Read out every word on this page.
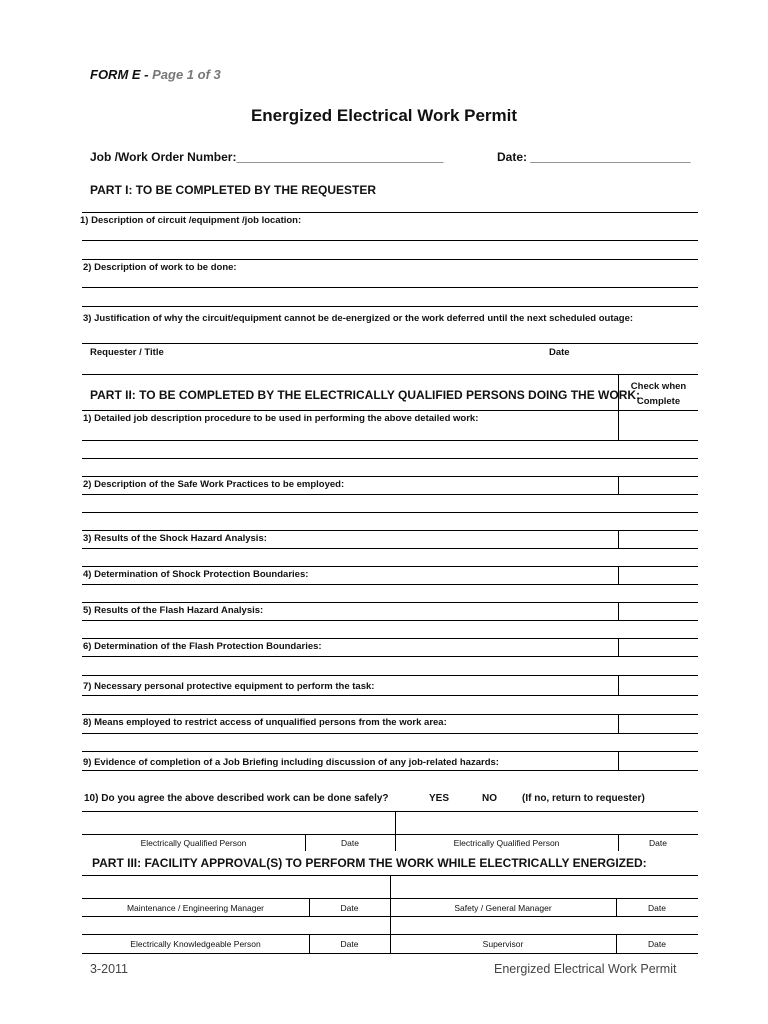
FORM E - Page 1 of 3
Energized Electrical Work Permit
Job /Work Order Number:_______________________________	Date: ________________________
PART I: TO BE COMPLETED BY THE REQUESTER
1) Description of circuit /equipment /job location:
2) Description of work to be done:
3) Justification of why the circuit/equipment cannot be de-energized or the work deferred until the next scheduled outage:
Requester / Title	Date
PART II: TO BE COMPLETED BY THE ELECTRICALLY QUALIFIED PERSONS DOING THE WORK:
Check when
Complete
1) Detailed job description procedure to be used in performing the above detailed work:
2) Description of the Safe Work Practices to be employed:
3) Results of the Shock Hazard Analysis:
4) Determination of Shock Protection Boundaries:
5) Results of the Flash Hazard Analysis:
6) Determination of the Flash Protection Boundaries:
7) Necessary personal protective equipment to perform the task:
8) Means employed to restrict access of unqualified persons from the work area:
9) Evidence of completion of a Job Briefing including discussion of any job-related hazards:
10) Do you agree the above described work can be done safely?	YES	NO	(If no, return to requester)
Electrically Qualified Person	Date	Electrically Qualified Person	Date
PART III: FACILITY APPROVAL(S) TO PERFORM THE WORK WHILE ELECTRICALLY ENERGIZED:
Maintenance / Engineering Manager	Date	Safety / General Manager	Date
Electrically Knowledgeable Person	Date	Supervisor	Date
3-2011	Energized Electrical Work Permit
